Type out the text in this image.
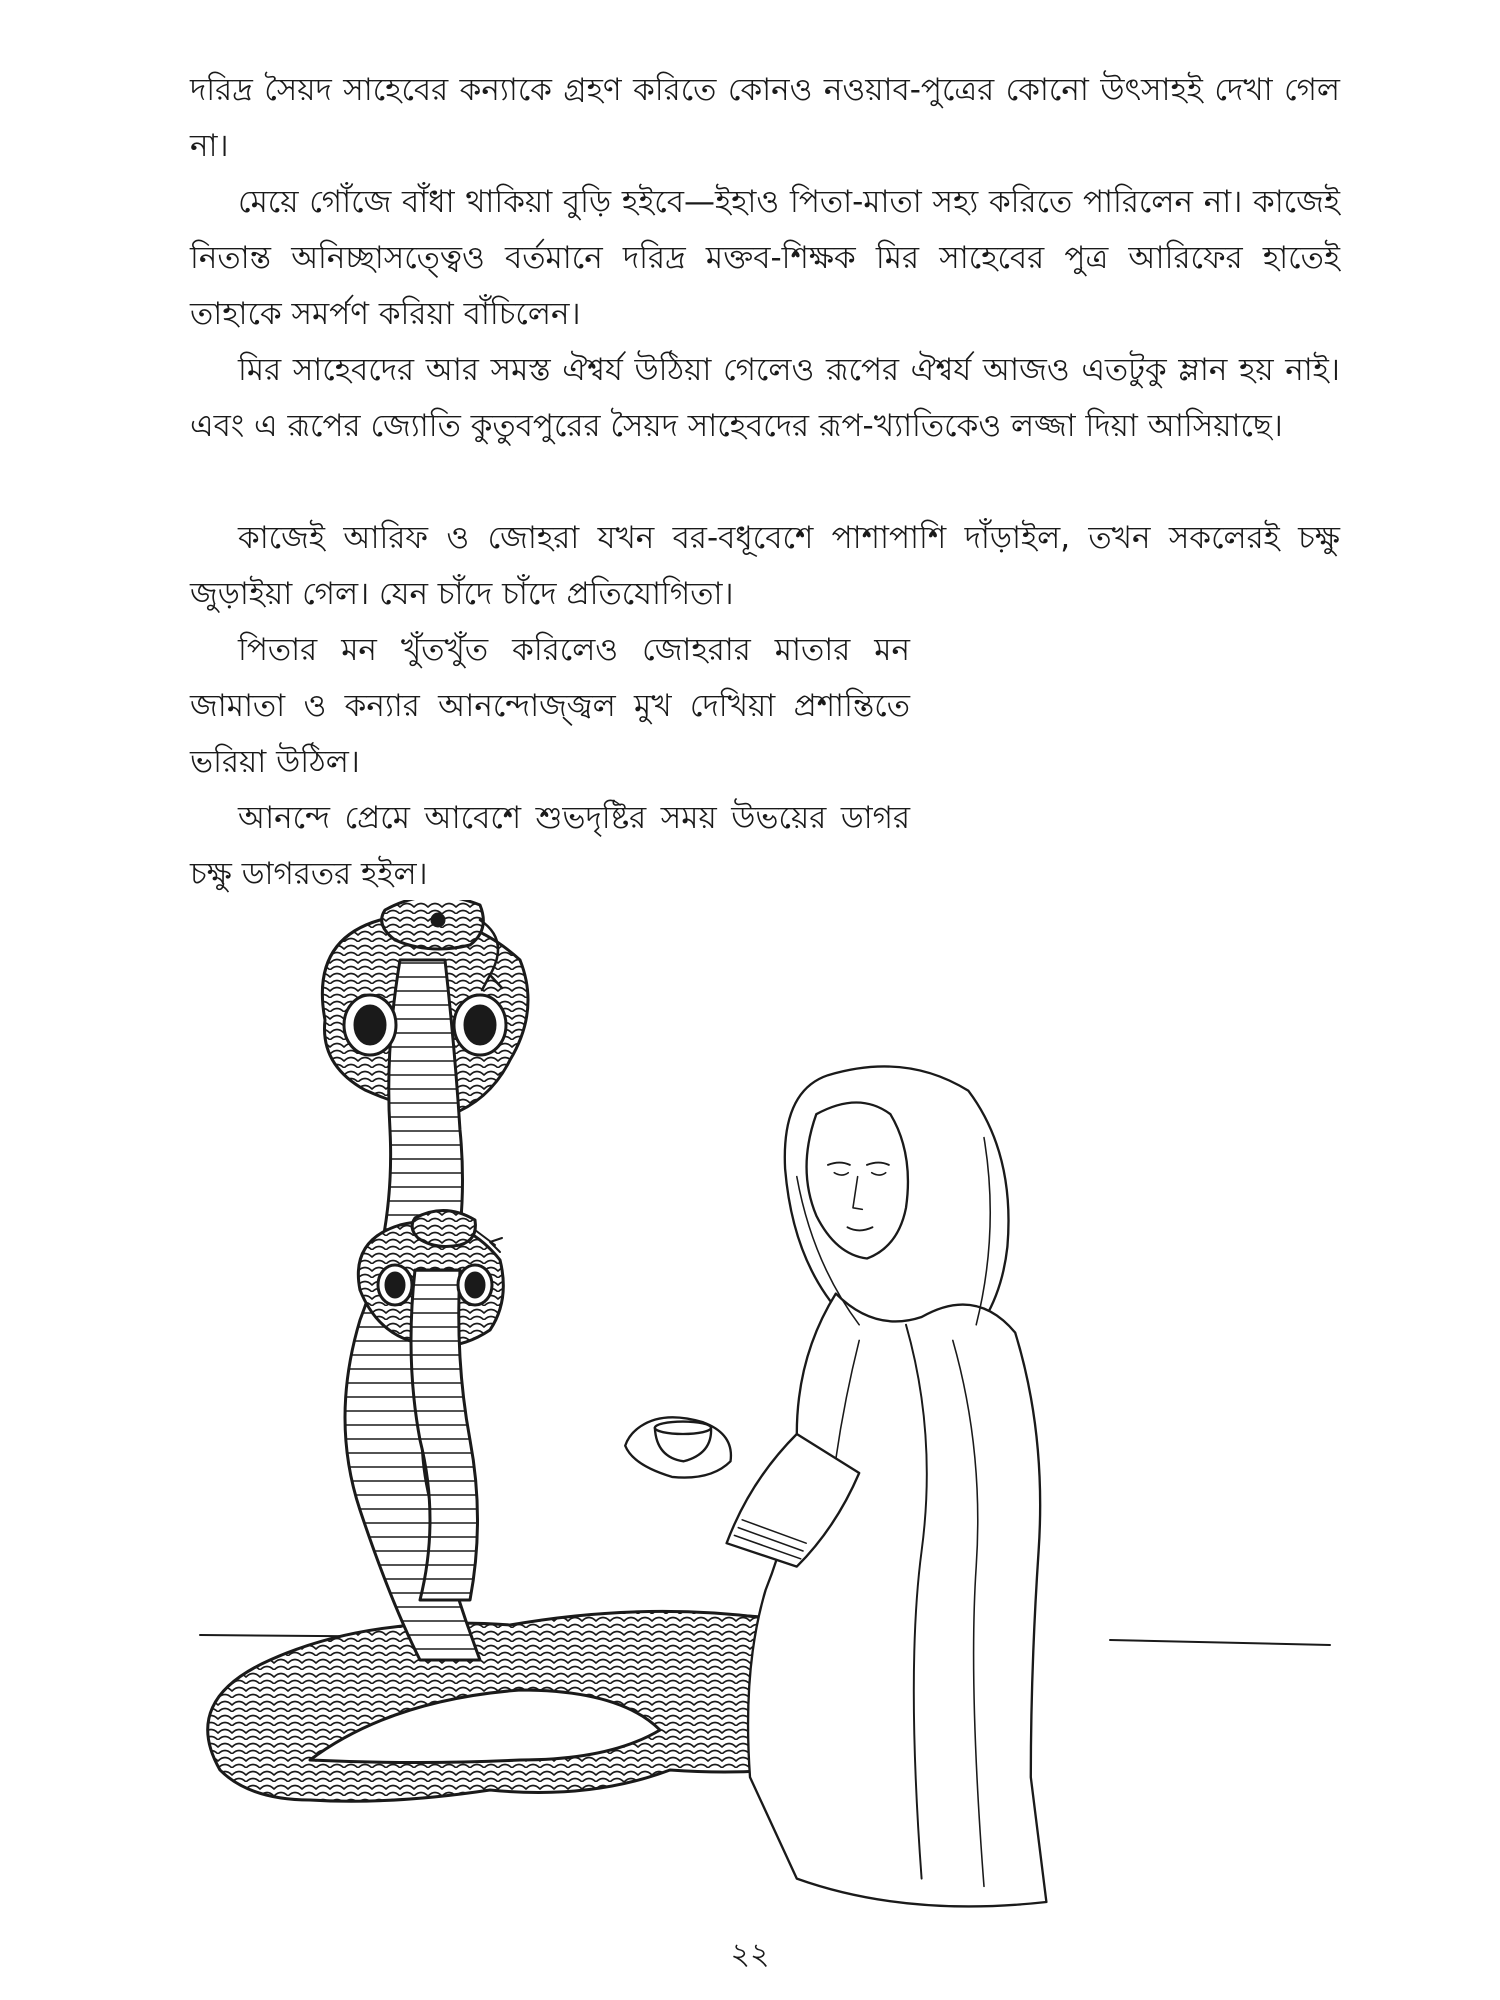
দরিদ্র সৈয়দ সাহেবের কন্যাকে গ্রহণ করিতে কোনও নওয়াব-পুত্রের কোনো উৎসাহই দেখা গেল না।

মেয়ে গোঁজে বাঁধা থাকিয়া বুড়ি হইবে—ইহাও পিতা-মাতা সহ্য করিতে পারিলেন না। কাজেই নিতান্ত অনিচ্ছাসত্ত্বেও বর্তমানে দরিদ্র মক্তব-শিক্ষক মির সাহেবের পুত্র আরিফের হাতেই তাহাকে সমর্পণ করিয়া বাঁচিলেন।

মির সাহেবদের আর সমস্ত ঐশ্বর্য উঠিয়া গেলেও রূপের ঐশ্বর্য আজও এতটুকু ম্লান হয় নাই। এবং এ রূপের জ্যোতি কুতুবপুরের সৈয়দ সাহেবদের রূপ-খ্যাতিকেও লজ্জা দিয়া আসিয়াছে।

কাজেই আরিফ ও জোহরা যখন বর-বধূবেশে পাশাপাশি দাঁড়াইল, তখন সকলেরই চক্ষু জুড়াইয়া গেল। যেন চাঁদে চাঁদে প্রতিযোগিতা।

পিতার মন খুঁতখুঁত করিলেও জোহরার মাতার মন জামাতা ও কন্যার আনন্দোজ্জ্বল মুখ দেখিয়া প্রশান্তিতে ভরিয়া উঠিল।

আনন্দে প্রেমে আবেশে শুভদৃষ্টির সময় উভয়ের ডাগর চক্ষু ডাগরতর হইল।

২২
